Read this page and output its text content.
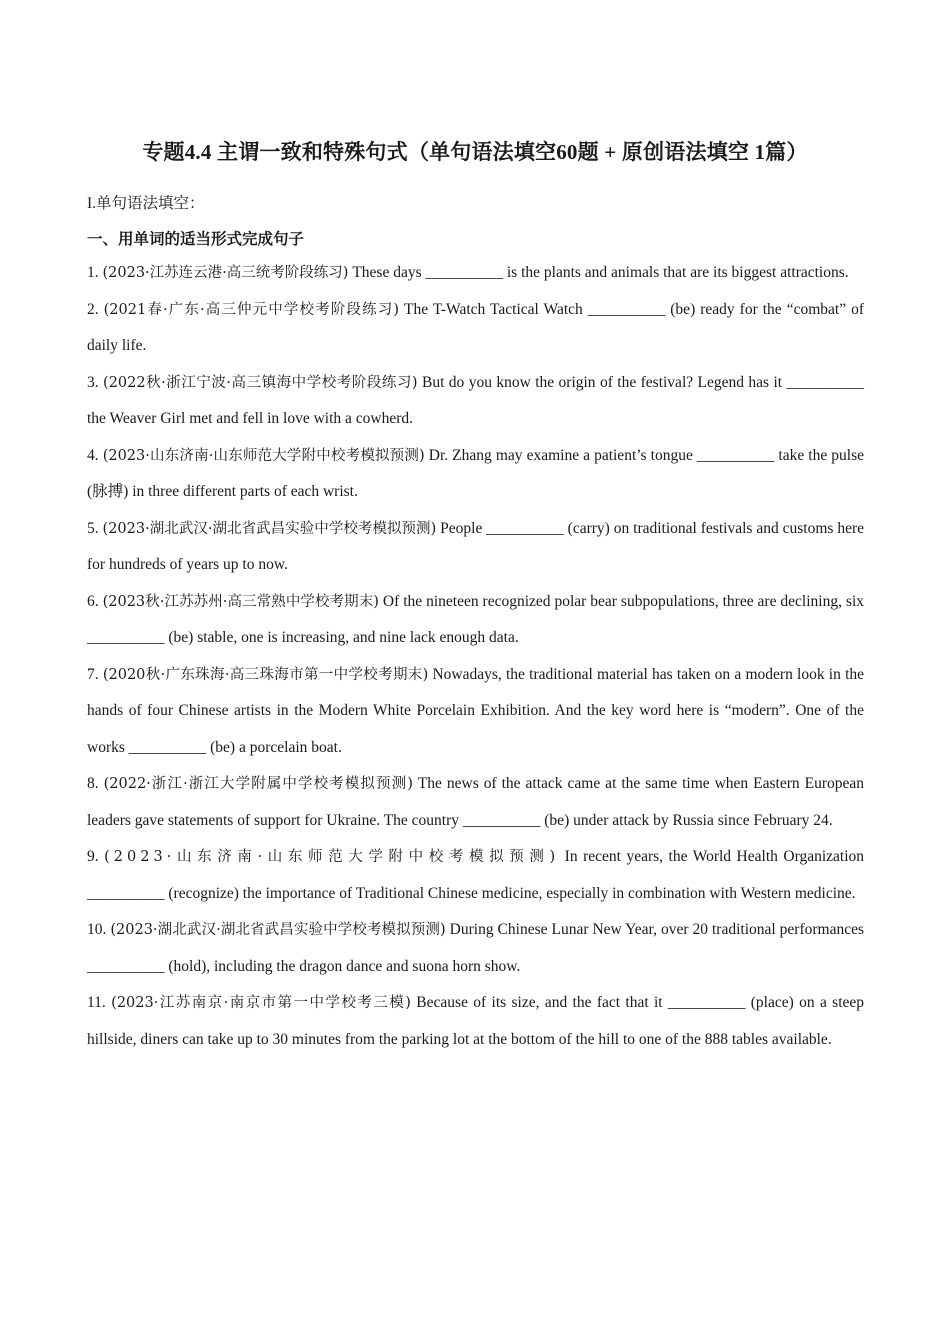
专题4.4 主谓一致和特殊句式（单句语法填空60题 + 原创语法填空 1篇）
I.单句语法填空：
一、用单词的适当形式完成句子

1. (2023·江苏连云港·高三统考阶段练习) These days __________ is the plants and animals that are its biggest attractions.

2. (2021春·广东·高三仲元中学校考阶段练习) The T-Watch Tactical Watch __________ (be) ready for the “combat” of daily life.

3. (2022秋·浙江宁波·高三镇海中学校考阶段练习) But do you know the origin of the festival? Legend has it __________ the Weaver Girl met and fell in love with a cowherd.

4. (2023·山东济南·山东师范大学附中校考模拟预测) Dr. Zhang may examine a patient’s tongue __________ take the pulse (脉搏) in three different parts of each wrist.

5. (2023·湖北武汉·湖北省武昌实验中学校考模拟预测) People __________ (carry) on traditional festivals and customs here for hundreds of years up to now.

6. (2023秋·江苏苏州·高三常熟中学校考期末) Of the nineteen recognized polar bear subpopulations, three are declining, six __________ (be) stable, one is increasing, and nine lack enough data.

7. (2020秋·广东珠海·高三珠海市第一中学校考期末) Nowadays, the traditional material has taken on a modern look in the hands of four Chinese artists in the Modern White Porcelain Exhibition. And the key word here is “modern”. One of the works __________ (be) a porcelain boat.

8. (2022·浙江·浙江大学附属中学校考模拟预测) The news of the attack came at the same time when Eastern European leaders gave statements of support for Ukraine. The country __________ (be) under attack by Russia since February 24.

9. (2023·山东济南·山东师范大学附中校考模拟预测) In recent years, the World Health Organization __________ (recognize) the importance of Traditional Chinese medicine, especially in combination with Western medicine.

10. (2023·湖北武汉·湖北省武昌实验中学校考模拟预测) During Chinese Lunar New Year, over 20 traditional performances __________ (hold), including the dragon dance and suona horn show.

11. (2023·江苏南京·南京市第一中学校考三模) Because of its size, and the fact that it __________ (place) on a steep hillside, diners can take up to 30 minutes from the parking lot at the bottom of the hill to one of the 888 tables available.
